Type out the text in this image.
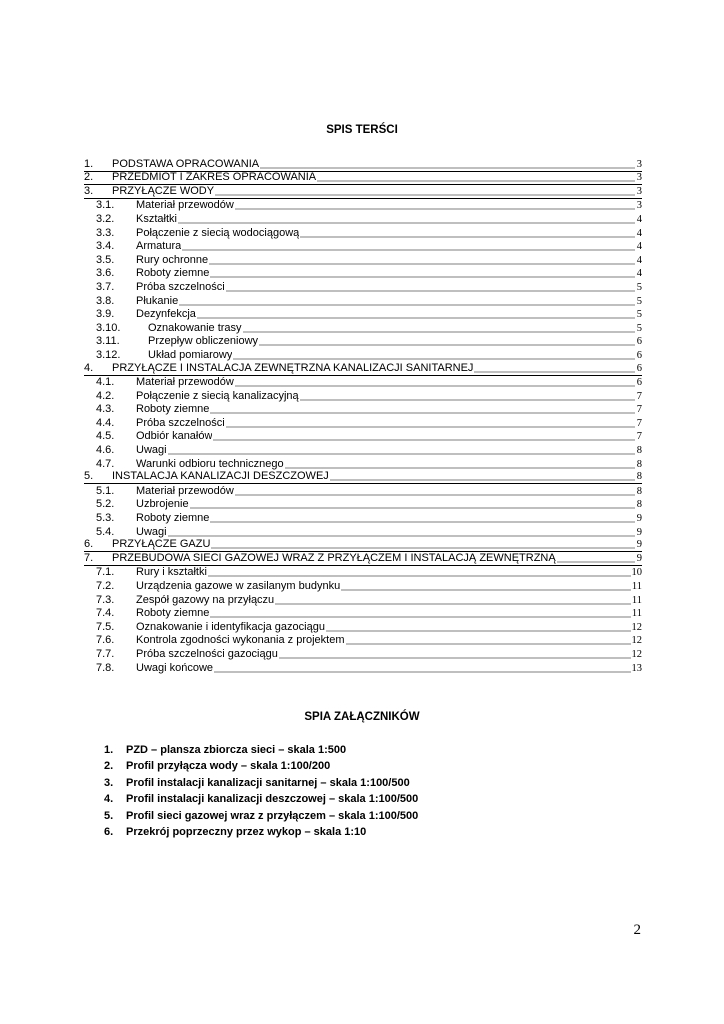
SPIS TERŚCI
1.	PODSTAWA OPRACOWANIA	3
2.	PRZEDMIOT I ZAKRES OPRACOWANIA	3
3.	PRZYŁĄCZE WODY	3
3.1.	Materiał przewodów	3
3.2.	Kształtki	4
3.3.	Połączenie z siecią wodociągową	4
3.4.	Armatura	4
3.5.	Rury ochronne	4
3.6.	Roboty ziemne	4
3.7.	Próba szczelności	5
3.8.	Płukanie	5
3.9.	Dezynfekcja	5
3.10.	Oznakowanie trasy	5
3.11.	Przepływ obliczeniowy	6
3.12.	Układ pomiarowy	6
4.	PRZYŁĄCZE I INSTALACJA ZEWNĘTRZNA KANALIZACJI SANITARNEJ	6
4.1.	Materiał przewodów	6
4.2.	Połączenie z siecią kanalizacyjną	7
4.3.	Roboty ziemne	7
4.4.	Próba szczelności	7
4.5.	Odbiór kanałów	7
4.6.	Uwagi	8
4.7.	Warunki odbioru technicznego	8
5.	INSTALACJA KANALIZACJI DESZCZOWEJ	8
5.1.	Materiał przewodów	8
5.2.	Uzbrojenie	8
5.3.	Roboty ziemne	9
5.4.	Uwagi	9
6.	PRZYŁĄCZE GAZU	9
7.	PRZEBUDOWA SIECI GAZOWEJ WRAZ Z PRZYŁĄCZEM I INSTALACJĄ ZEWNĘTRZNĄ	9
7.1.	Rury i kształtki	10
7.2.	Urządzenia gazowe w zasilanym budynku	11
7.3.	Zespół gazowy na przyłączu	11
7.4.	Roboty ziemne	11
7.5.	Oznakowanie i identyfikacja gazociągu	12
7.6.	Kontrola zgodności wykonania z projektem	12
7.7.	Próba szczelności gazociągu	12
7.8.	Uwagi końcowe	13
SPIA ZAŁĄCZNIKÓW
1. PZD – plansza zbiorcza sieci – skala 1:500
2. Profil przyłącza wody – skala 1:100/200
3. Profil instalacji kanalizacji sanitarnej – skala 1:100/500
4. Profil instalacji kanalizacji deszczowej – skala 1:100/500
5. Profil sieci gazowej wraz z przyłączem – skala 1:100/500
6. Przekrój poprzeczny przez wykop – skala 1:10
2
